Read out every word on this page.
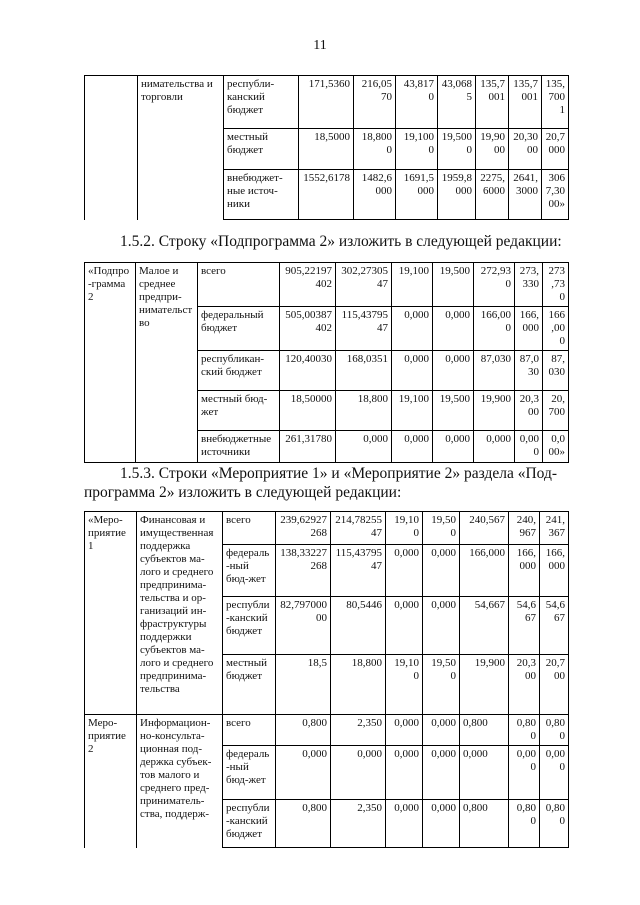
11
	нимательства и торговли	республи-канский бюджет	171,5360	216,0570	43,8170	43,0685	135,7001	135,7001	135,7001
		местный бюджет	18,5000	18,8000	19,1000	19,5000	19,9000	20,3000	20,7000
		внебюджет-ные источ-ники	1552,6178	1482,6000	1691,5000	1959,8000	2275,6000	2641,3000	3067,3000»
1.5.2. Строку «Подпрограмма 2» изложить в следующей редакции:
«Подпро-грамма 2	Малое и среднее предпри-нимательство	всего	905,22197402	302,2730547	19,100	19,500	272,930	273,330	273,730
		федеральный бюджет	505,00387402	115,4379547	0,000	0,000	166,000	166,000	166,000
		республикан-ский бюджет	120,40030	168,0351	0,000	0,000	87,030	87,030	87,030
		местный бюд-жет	18,50000	18,800	19,100	19,500	19,900	20,300	20,700
		внебюджетные источники	261,31780	0,000	0,000	0,000	0,000	0,000	0,000»
1.5.3. Строки «Мероприятие 1» и «Мероприятие 2» раздела «Под-
программа 2» изложить в следующей редакции:
«Меро-приятие 1	Финансовая и имущественная поддержка субъектов ма-лого и среднего предпринима-тельства и ор-ганизаций ин-фраструктуры поддержки субъектов ма-лого и среднего предпринима-тельства	всего	239,62927268	214,7825547	19,100	19,500	240,567	240,967	241,367
		федераль-ный бюд-жет	138,33227268	115,4379547	0,000	0,000	166,000	166,000	166,000
		республи-канский бюджет	82,79700000	80,5446	0,000	0,000	54,667	54,667	54,667
		местный бюджет	18,5	18,800	19,100	19,500	19,900	20,300	20,700
Меро-приятие 2	Информацион-но-консульта-ционная под-держка субъек-тов малого и среднего пред-приниматель-ства, поддерж-	всего	0,800	2,350	0,000	0,000	0,800	0,800	0,800
		федераль-ный бюд-жет	0,000	0,000	0,000	0,000	0,000	0,000	0,000
		республи-канский бюджет	0,800	2,350	0,000	0,000	0,800	0,800	0,800
